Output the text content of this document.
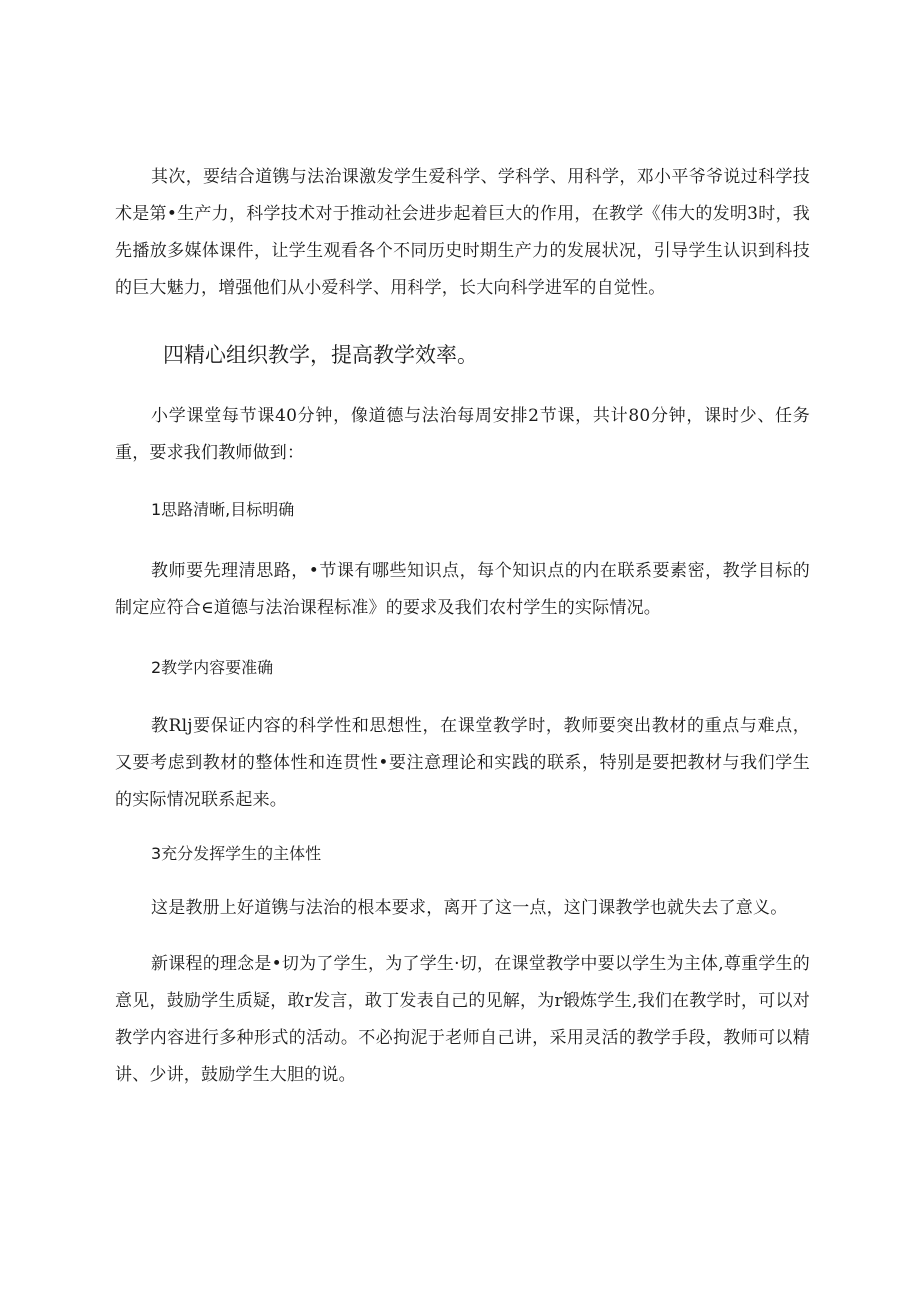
其次，要结合道镌与法治课激发学生爱科学、学科学、用科学，邓小平爷爷说过科学技术是第•生产力，科学技术对于推动社会进步起着巨大的作用，在教学《伟大的发明3时，我先播放多媒体课件，让学生观看各个不同历史时期生产力的发展状况，引导学生认识到科技的巨大魅力，增强他们从小爱科学、用科学，长大向科学进军的自觉性。

四精心组织教学，提高教学效率。

小学课堂每节课40分钟，像道德与法治每周安排2节课，共计80分钟，课时少、任务重，要求我们教师做到：

1思路清晰,目标明确

教师要先理清思路，•节课有哪些知识点，每个知识点的内在联系要素密，教学目标的制定应符合∈道德与法治课程标准》的要求及我们农村学生的实际情况。

2教学内容要准确

教Rlj要保证内容的科学性和思想性，在课堂教学时，教师要突出教材的重点与难点，又要考虑到教材的整体性和连贯性•要注意理论和实践的联系，特别是要把教材与我们学生的实际情况联系起来。

3充分发挥学生的主体性

这是教册上好道镌与法治的根本要求，离开了这一点，这门课教学也就失去了意义。

新课程的理念是•切为了学生，为了学生·切，在课堂教学中要以学生为主体,尊重学生的意见，鼓励学生质疑，敢r发言，敢丁发表自己的见解，为r锻炼学生,我们在教学时，可以对教学内容进行多种形式的活动。不必拘泥于老师自己讲，采用灵活的教学手段，教师可以精讲、少讲，鼓励学生大胆的说。
